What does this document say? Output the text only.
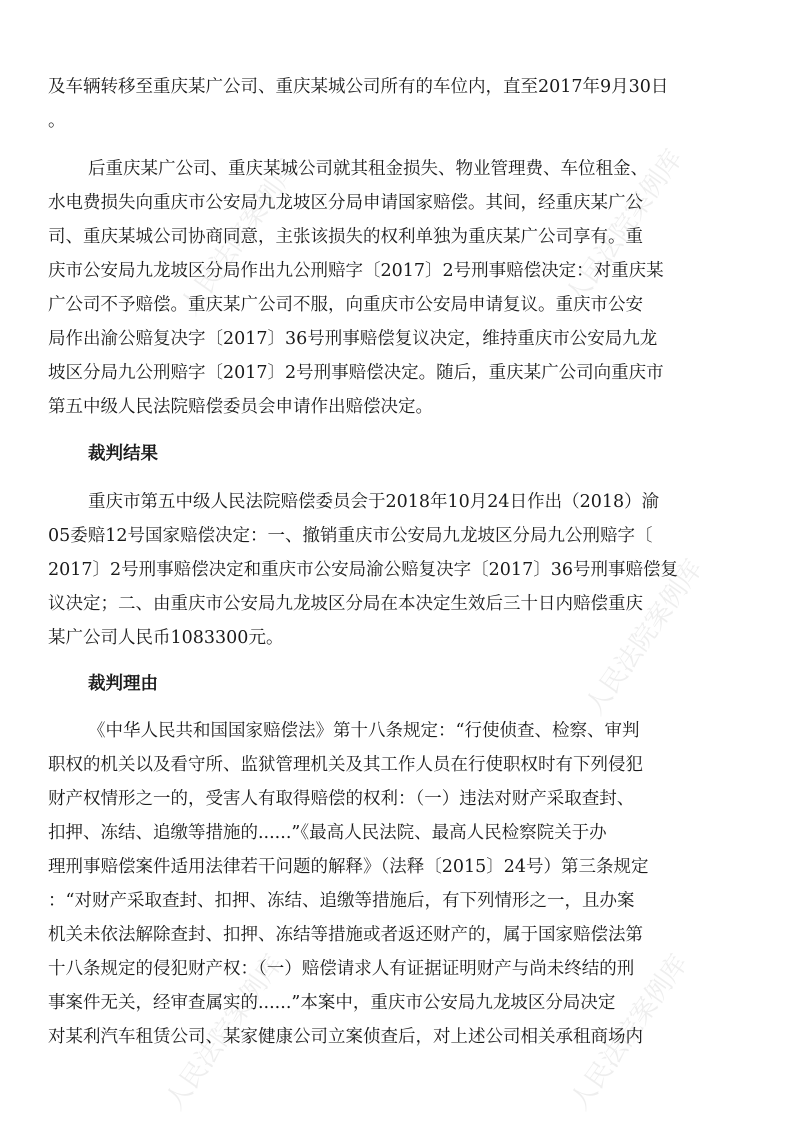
人民法院案例库	人民法院案例库
人民法院案例库
人民法院案例库	人民法院案例库
及车辆转移至重庆某广公司、重庆某城公司所有的车位内，直至2017年9月30日
。
后重庆某广公司、重庆某城公司就其租金损失、物业管理费、车位租金、
水电费损失向重庆市公安局九龙坡区分局申请国家赔偿。其间，经重庆某广公
司、重庆某城公司协商同意，主张该损失的权利单独为重庆某广公司享有。重
庆市公安局九龙坡区分局作出九公刑赔字〔2017〕2号刑事赔偿决定：对重庆某
广公司不予赔偿。重庆某广公司不服，向重庆市公安局申请复议。重庆市公安
局作出渝公赔复决字〔2017〕36号刑事赔偿复议决定，维持重庆市公安局九龙
坡区分局九公刑赔字〔2017〕2号刑事赔偿决定。随后，重庆某广公司向重庆市
第五中级人民法院赔偿委员会申请作出赔偿决定。
裁判结果
重庆市第五中级人民法院赔偿委员会于2018年10月24日作出（2018）渝
05委赔12号国家赔偿决定：一、撤销重庆市公安局九龙坡区分局九公刑赔字〔
2017〕2号刑事赔偿决定和重庆市公安局渝公赔复决字〔2017〕36号刑事赔偿复
议决定；二、由重庆市公安局九龙坡区分局在本决定生效后三十日内赔偿重庆
某广公司人民币1083300元。
裁判理由
《中华人民共和国国家赔偿法》第十八条规定：“行使侦查、检察、审判
职权的机关以及看守所、监狱管理机关及其工作人员在行使职权时有下列侵犯
财产权情形之一的，受害人有取得赔偿的权利：（一）违法对财产采取查封、
扣押、冻结、追缴等措施的......”《最高人民法院、最高人民检察院关于办
理刑事赔偿案件适用法律若干问题的解释》（法释〔2015〕24号）第三条规定
：“对财产采取查封、扣押、冻结、追缴等措施后，有下列情形之一，且办案
机关未依法解除查封、扣押、冻结等措施或者返还财产的，属于国家赔偿法第
十八条规定的侵犯财产权：（一）赔偿请求人有证据证明财产与尚未终结的刑
事案件无关，经审查属实的......”本案中，重庆市公安局九龙坡区分局决定
对某利汽车租赁公司、某家健康公司立案侦查后，对上述公司相关承租商场内
